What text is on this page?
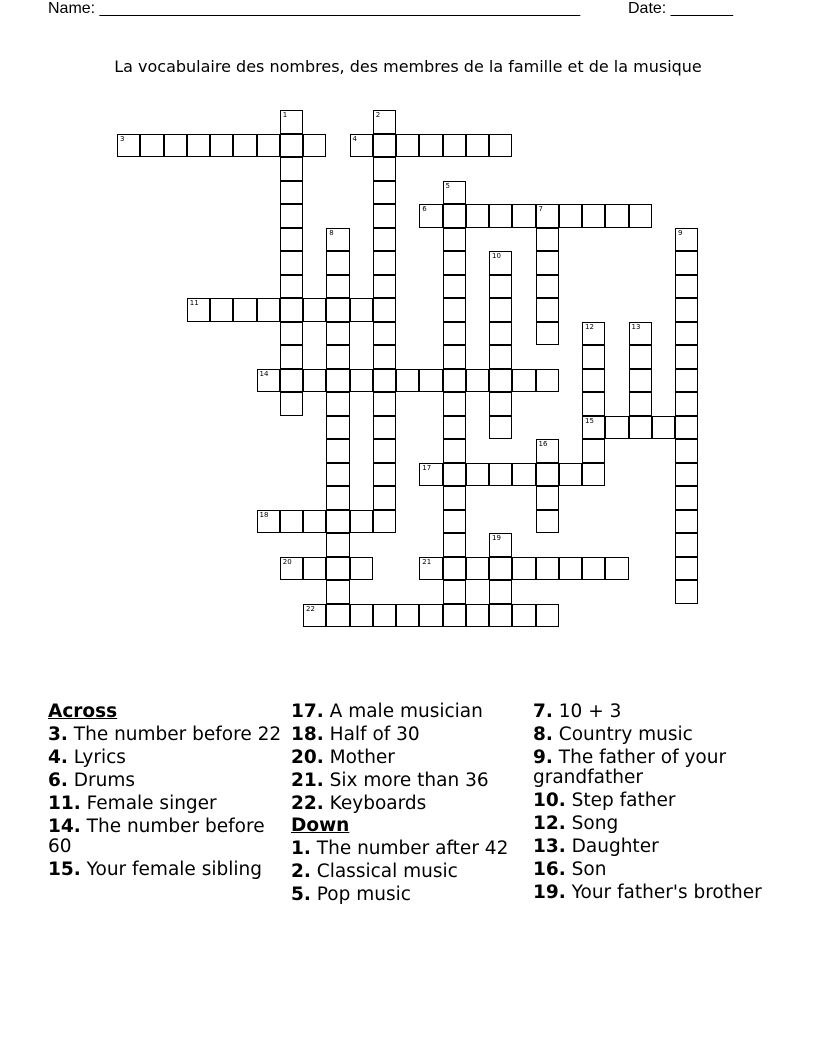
Name: ______________________________________________________	Date: _______
La vocabulaire des nombres, des membres de la famille et de la musique
1	2
3	4
5
6	7
8	9
10
11
12
15
13
14
16
17
18
19
20	21
22
Across
3. The number before 22
4. Lyrics
6. Drums
11. Female singer
14. The number before 60
15. Your female sibling
17. A male musician
18. Half of 30
20. Mother
21. Six more than 36
22. Keyboards
Down
1. The number after 42
2. Classical music
5. Pop music
7. 10 + 3
8. Country music
9. The father of your grandfather
10. Step father
12. Song
13. Daughter
16. Son
19. Your father's brother
